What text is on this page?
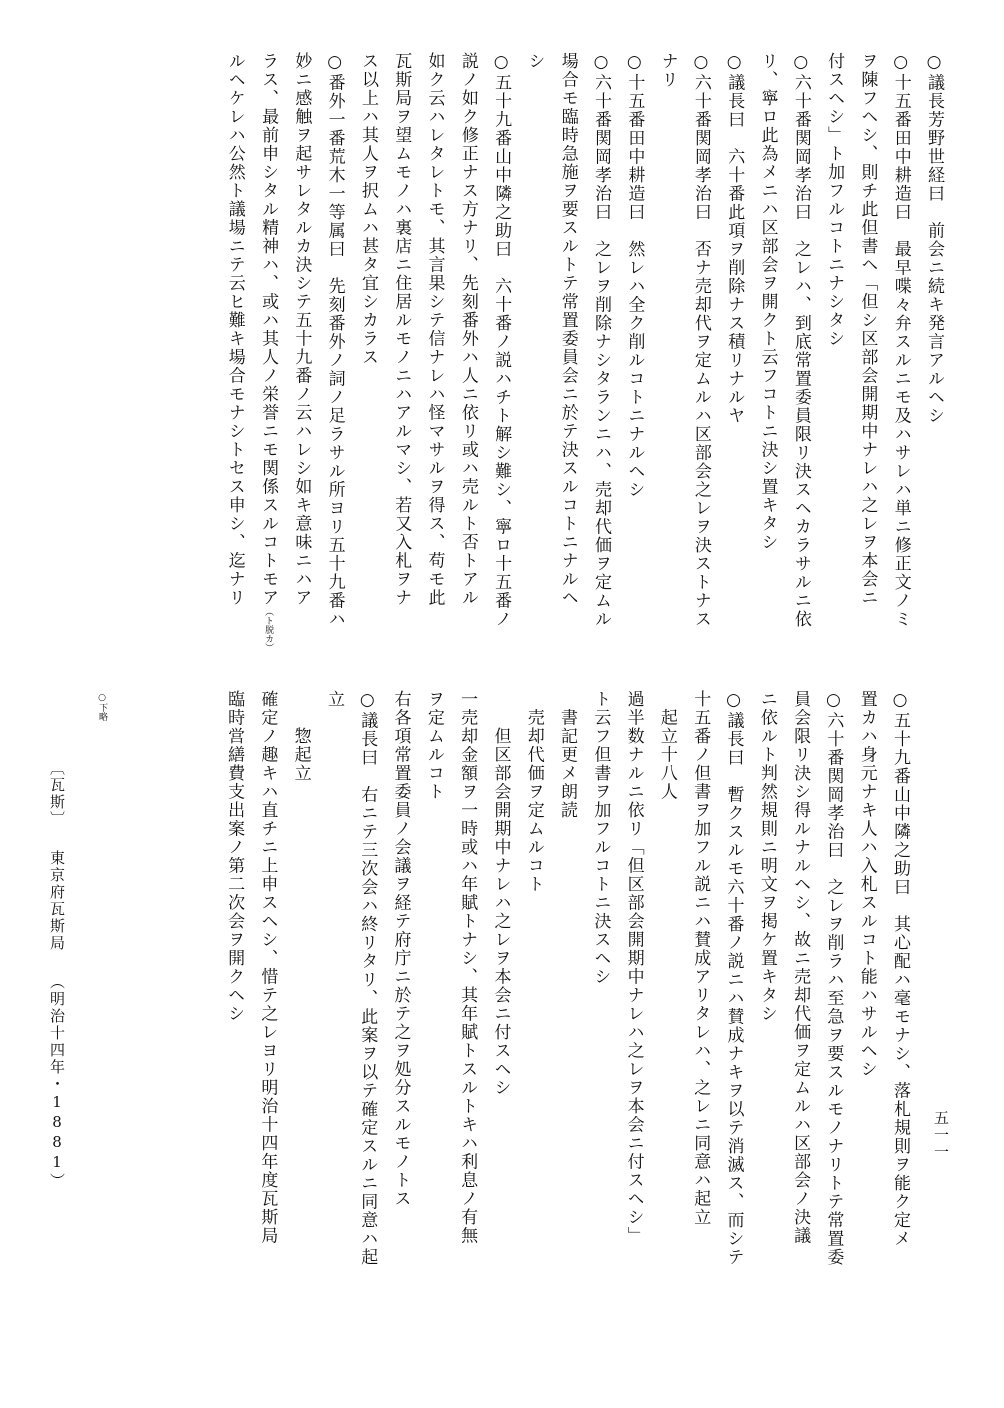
○議長芳野世経曰　前会ニ続キ発言アルヘシ
○十五番田中耕造曰　最早喋々弁スルニモ及ハサレハ単ニ修正文ノミ
ヲ陳フヘシ、則チ此但書ヘ「但シ区部会開期中ナレハ之レヲ本会ニ
付スヘシ」ト加フルコトニナシタシ
○六十番関岡孝治曰　之レハ、到底常置委員限リ決スヘカラサルニ依
リ、寧ロ此為メニハ区部会ヲ開クト云フコトニ決シ置キタシ
○議長曰　六十番此項ヲ削除ナス積リナルヤ
○六十番関岡孝治曰　否ナ売却代ヲ定ムルハ区部会之レヲ決ストナス
ナリ
○十五番田中耕造曰　然レハ全ク削ルコトニナルヘシ
○六十番関岡孝治曰　之レヲ削除ナシタランニハ、売却代価ヲ定ムル
場合モ臨時急施ヲ要スルトテ常置委員会ニ於テ決スルコトニナルヘ
シ
○五十九番山中隣之助曰　六十番ノ説ハチト解シ難シ、寧ロ十五番ノ
説ノ如ク修正ナス方ナリ、先刻番外ハ人ニ依リ或ハ売ルト否トアル
如ク云ハレタレトモ、其言果シテ信ナレハ怪マサルヲ得ス、苟モ此
瓦斯局ヲ望ムモノハ裏店ニ住居ルモノニハアルマシ、若又入札ヲナ
ス以上ハ其人ヲ択ムハ甚タ宜シカラス
○番外一番荒木一等属曰　先刻番外ノ詞ノ足ラサル所ヨリ五十九番ハ
妙ニ感触ヲ起サレタルカ決シテ五十九番ノ云ハレシ如キ意味ニハア
ラス、最前申シタル精神ハ、或ハ其人ノ栄誉ニモ関係スルコトモア（ト脱カ）
ルヘケレハ公然ト議場ニテ云ヒ難キ場合モナシトセス申シ、迄ナリ
○五十九番山中隣之助曰　其心配ハ毫モナシ、落札規則ヲ能ク定メ
置カハ身元ナキ人ハ入札スルコト能ハサルヘシ
○六十番関岡孝治曰　之レヲ削ラハ至急ヲ要スルモノナリトテ常置委
員会限リ決シ得ルナルヘシ、故ニ売却代価ヲ定ムルハ区部会ノ決議
ニ依ルト判然規則ニ明文ヲ掲ケ置キタシ
○議長曰　暫クスルモ六十番ノ説ニハ賛成ナキヲ以テ消滅ス、而シテ
十五番ノ但書ヲ加フル説ニハ賛成アリタレハ、之レニ同意ハ起立
　起立十八人
過半数ナルニ依リ「但区部会開期中ナレハ之レヲ本会ニ付スヘシ」
ト云フ但書ヲ加フルコトニ決スヘシ
　書記更メ朗読
　売却代価ヲ定ムルコト
　　但区部会開期中ナレハ之レヲ本会ニ付スヘシ
一売却金額ヲ一時或ハ年賦トナシ、其年賦トスルトキハ利息ノ有無
ヲ定ムルコト
右各項常置委員ノ会議ヲ経テ府庁ニ於テ之ヲ処分スルモノトス
○議長曰　右ニテ三次会ハ終リタリ、此案ヲ以テ確定スルニ同意ハ起
立
　　惣起立
確定ノ趣キハ直チニ上申スヘシ、惜テ之レヨリ明治十四年度瓦斯局
臨時営繕費支出案ノ第二次会ヲ開クヘシ
○下略
〔瓦斯〕東京府瓦斯局（明治十四年・1881）	五一一
